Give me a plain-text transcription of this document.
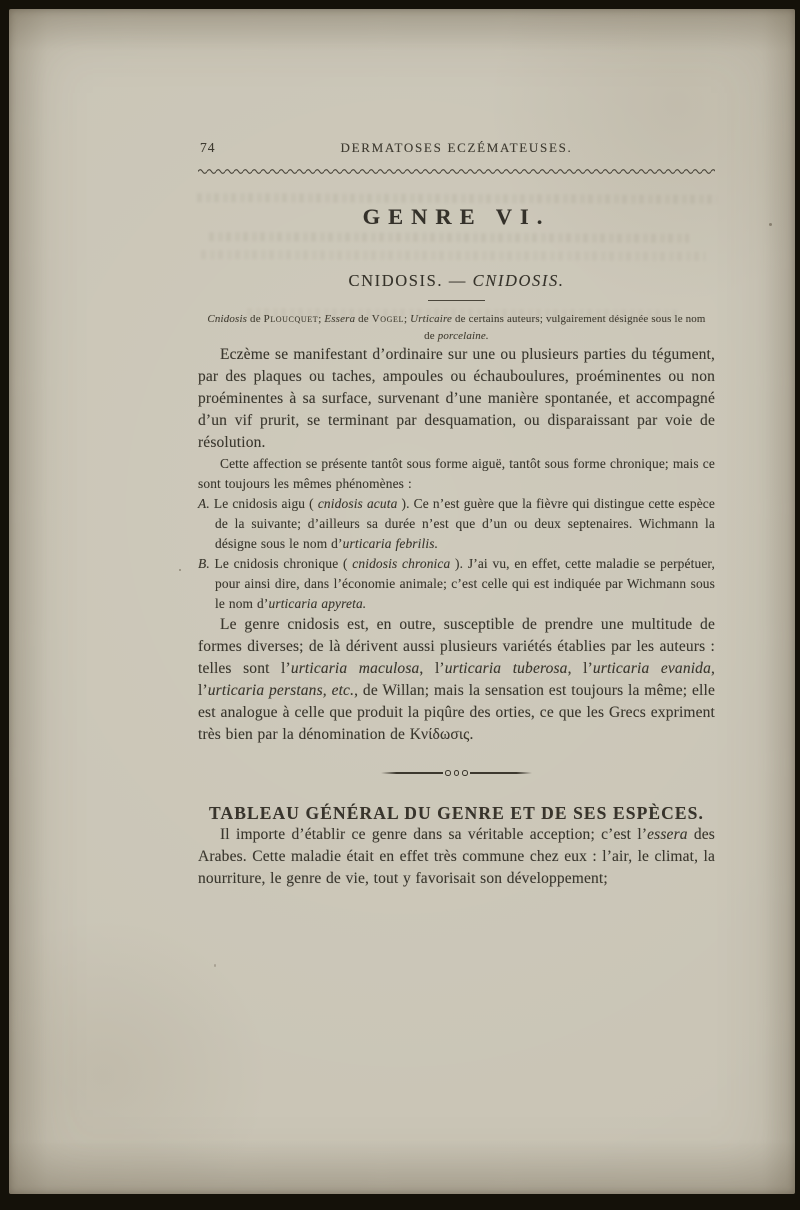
74	DERMATOSES ECZÉMATEUSES.
GENRE VI.
CNIDOSIS. — CNIDOSIS.

Cnidosis de Ploucquet; Essera de Vogel; Urticaire de certains auteurs; vulgairement désignée sous le nom de porcelaine.

Eczème se manifestant d’ordinaire sur une ou plusieurs parties du tégument, par des plaques ou taches, ampoules ou échauboulures, proéminentes ou non proéminentes à sa surface, survenant d’une manière spontanée, et accompagné d’un vif prurit, se terminant par desquamation, ou disparaissant par voie de résolution.

Cette affection se présente tantôt sous forme aiguë, tantôt sous forme chronique; mais ce sont toujours les mêmes phénomènes :

A. Le cnidosis aigu ( cnidosis acuta ). Ce n’est guère que la fièvre qui distingue cette espèce de la suivante; d’ailleurs sa durée n’est que d’un ou deux septenaires. Wichmann la désigne sous le nom d’urticaria febrilis.

B. Le cnidosis chronique ( cnidosis chronica ). J’ai vu, en effet, cette maladie se perpétuer, pour ainsi dire, dans l’économie animale; c’est celle qui est indiquée par Wichmann sous le nom d’urticaria apyreta.

Le genre cnidosis est, en outre, susceptible de prendre une multitude de formes diverses; de là dérivent aussi plusieurs variétés établies par les auteurs : telles sont l’urticaria maculosa, l’urticaria tuberosa, l’urticaria evanida, l’urticaria perstans, etc., de Willan; mais la sensation est toujours la même; elle est analogue à celle que produit la piqûre des orties, ce que les Grecs expriment très bien par la dénomination de Κνίδωσις.

TABLEAU GÉNÉRAL DU GENRE ET DE SES ESPÈCES.

Il importe d’établir ce genre dans sa véritable acception; c’est l’essera des Arabes. Cette maladie était en effet très commune chez eux : l’air, le climat, la nourriture, le genre de vie, tout y favorisait son développement;
